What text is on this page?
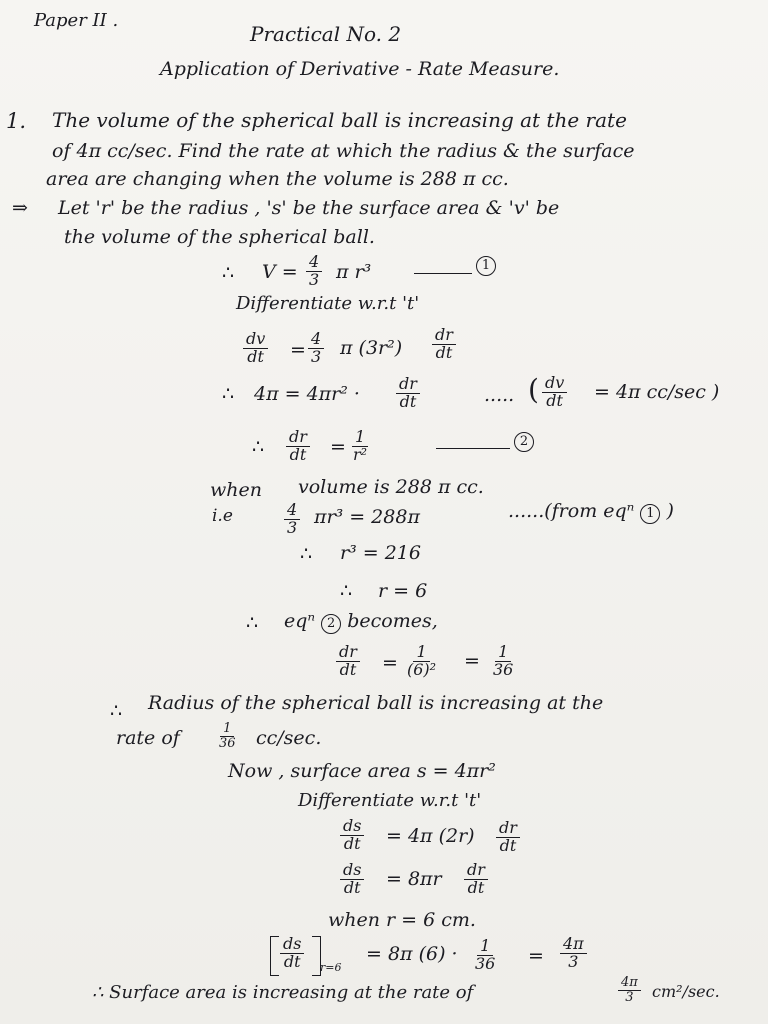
Paper II .
Practical No. 2
Application of Derivative - Rate Measure.
1. The volume of the spherical ball is increasing at the rate
of 4π cc/sec. Find the rate at which the radius & the surface
area are changing when the volume is 288 π cc.
⇒ Let 'r' be the radius , 's' be the surface area & 'v' be
the volume of the spherical ball.
∴ $V = \frac{4}{3}$ π r³	1
Differentiate w.r.t 't'
$\frac{dv}{dt} = \frac{4}{3}$ π $(3r^2) \frac{dr}{dt}$
∴ $4\pi = 4\pi r^2 \cdot \frac{dr}{dt}$	..... ( $\frac{dv}{dt} = 4\pi$ cc/sec )
∴ $\frac{dr}{dt} = \frac{1}{\text{r²}}$	2
when volume is 288 π cc.
i.e	$\frac{4}{3} \pi r^3 = 288\pi$	......(from eqⁿ 1 )
∴ r³ = 216
∴ r = 6
∴ eqⁿ 2 becomes,
$\frac{dr}{dt} = \frac{1}{\text{(6)²}} = \frac{1}{36}$
∴ Radius of the spherical ball is increasing at the
rate of	$\frac{1}{36} cc/\sec$.
Now , surface area s = 4πr²
Differentiate w.r.t 't'
$\frac{ds}{dt} = 4\pi$ $(2r) \frac{dr}{dt}$
$\frac{ds}{dt} = 8\pi r \frac{dr}{dt}$
when r = 6 cm.
$\frac{ds}{dt} r=6$
= 8π $(6) \cdot \frac{1}{36} = \frac{4\pi}{3}$
∴ Surface area is increasing at the rate of	$\frac{4\pi}{3} cm^2/\sec$.
